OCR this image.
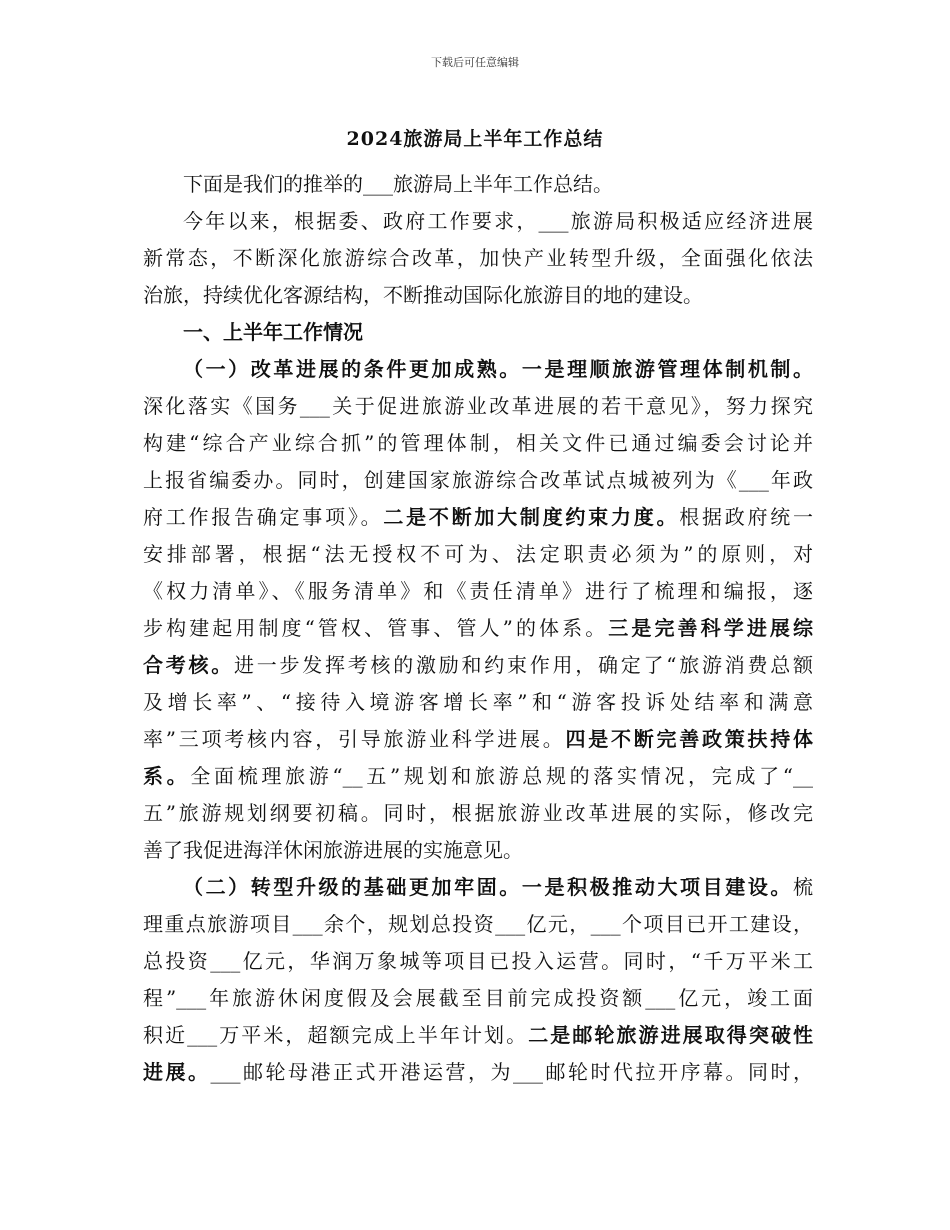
下载后可任意编辑
2024旅游局上半年工作总结
下面是我们的推举的___旅游局上半年工作总结。
今年以来，根据委、政府工作要求，___旅游局积极适应经济进展
新常态，不断深化旅游综合改革，加快产业转型升级，全面强化依法
治旅，持续优化客源结构，不断推动国际化旅游目的地的建设。
一、上半年工作情况
（一）改革进展的条件更加成熟。一是理顺旅游管理体制机制。
深化落实《国务___关于促进旅游业改革进展的若干意见》，努力探究
构建“综合产业综合抓”的管理体制，相关文件已通过编委会讨论并
上报省编委办。同时，创建国家旅游综合改革试点城被列为《___年政
府工作报告确定事项》。二是不断加大制度约束力度。根据政府统一
安排部署，根据“法无授权不可为、法定职责必须为”的原则，对
《权力清单》、《服务清单》和《责任清单》进行了梳理和编报，逐
步构建起用制度“管权、管事、管人”的体系。三是完善科学进展综
合考核。进一步发挥考核的激励和约束作用，确定了“旅游消费总额
及增长率”、“接待入境游客增长率”和“游客投诉处结率和满意
率”三项考核内容，引导旅游业科学进展。四是不断完善政策扶持体
系。全面梳理旅游“__五”规划和旅游总规的落实情况，完成了“__
五”旅游规划纲要初稿。同时，根据旅游业改革进展的实际，修改完
善了我促进海洋休闲旅游进展的实施意见。
（二）转型升级的基础更加牢固。一是积极推动大项目建设。梳
理重点旅游项目___余个，规划总投资___亿元，___个项目已开工建设，
总投资___亿元，华润万象城等项目已投入运营。同时，“千万平米工
程”___年旅游休闲度假及会展截至目前完成投资额___亿元，竣工面
积近___万平米，超额完成上半年计划。二是邮轮旅游进展取得突破性
进展。___邮轮母港正式开港运营，为___邮轮时代拉开序幕。同时，
